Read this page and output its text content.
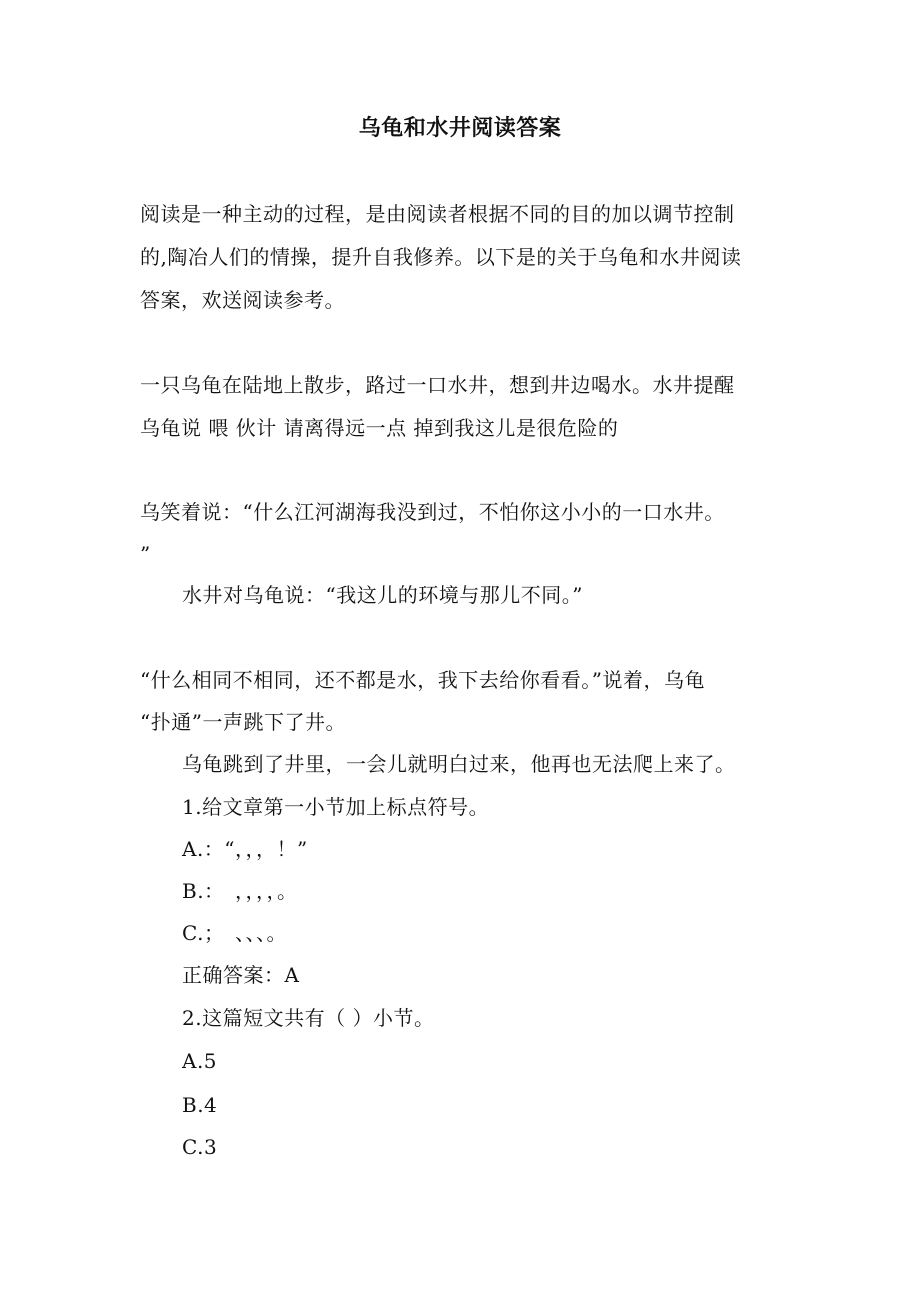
乌龟和水井阅读答案
阅读是一种主动的过程，是由阅读者根据不同的目的加以调节控制
的,陶冶人们的情操，提升自我修养。以下是的关于乌龟和水井阅读
答案，欢送阅读参考。
一只乌龟在陆地上散步，路过一口水井，想到井边喝水。水井提醒
乌龟说 喂 伙计 请离得远一点 掉到我这儿是很危险的
乌笑着说：“什么江河湖海我没到过，不怕你这小小的一口水井。
”
水井对乌龟说：“我这儿的环境与那儿不同。”
“什么相同不相同，还不都是水，我下去给你看看。”说着，乌龟
“扑通”一声跳下了井。
乌龟跳到了井里，一会儿就明白过来，他再也无法爬上来了。
1.给文章第一小节加上标点符号。
A.：“，，，！”
B.：　，，，，。
C.；　、、、。
正确答案：A
2.这篇短文共有（ ）小节。
A.5
B.4
C.3
